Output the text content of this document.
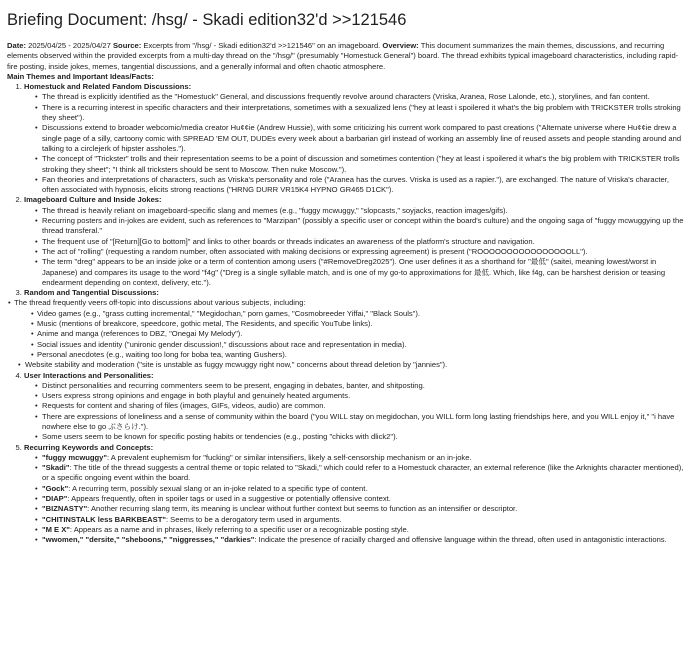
Briefing Document: /hsg/ - Skadi edition32'd >>121546

Date: 2025/04/25 - 2025/04/27 Source: Excerpts from "/hsg/ - Skadi edition32'd >>121546" on an imageboard. Overview: This document summarizes the main themes, discussions, and recurring elements observed within the provided excerpts from a multi-day thread on the "/hsg/" (presumably "Homestuck General") board. The thread exhibits typical imageboard characteristics, including rapid-fire posting, inside jokes, memes, tangential discussions, and a generally informal and often chaotic atmosphere.

Main Themes and Important Ideas/Facts:
1. Homestuck and Related Fandom Discussions:
• The thread is explicitly identified as the "Homestuck" General, and discussions frequently revolve around characters (Vriska, Aranea, Rose Lalonde, etc.), storylines, and fan content.
• There is a recurring interest in specific characters and their interpretations, sometimes with a sexualized lens ("hey at least i spoilered it what's the big problem with TRICKSTER trolls stroking they sheet").
• Discussions extend to broader webcomic/media creator Hu¢¢ie (Andrew Hussie), with some criticizing his current work compared to past creations ("Alternate universe where Hu¢¢ie drew a single page of a silly, cartoony comic with SPREAD 'EM OUT, DUDEs every week about a barbarian girl instead of working an assembly line of reused assets and people standing around and talking to a circlejerk of hipster assholes.").
• The concept of "Trickster" trolls and their representation seems to be a point of discussion and sometimes contention ("hey at least i spoilered it what's the big problem with TRICKSTER trolls stroking they sheet"; "I think all tricksters should be sent to Moscow. Then nuke Moscow.").
• Fan theories and interpretations of characters, such as Vriska's personality and role ("Aranea has the curves. Vriska is used as a rapier."), are exchanged. The nature of Vriska's character, often associated with hypnosis, elicits strong reactions ("HRNG DURR VR15K4 HYPNO GR465 D1CK").
2. Imageboard Culture and Inside Jokes:
• The thread is heavily reliant on imageboard-specific slang and memes (e.g., "fuggy mcwuggy," "slopcasts," soyjacks, reaction images/gifs).
• Recurring posters and in-jokes are evident, such as references to "Marzipan" (possibly a specific user or concept within the board's culture) and the ongoing saga of "fuggy mcwuggying up the thread transferal."
• The frequent use of "[Return][Go to bottom]" and links to other boards or threads indicates an awareness of the platform's structure and navigation.
• The act of "rolling" (requesting a random number, often associated with making decisions or expressing agreement) is present ("ROOOOOOOOOOOOOOOOLL").
• The term "dreg" appears to be an inside joke or a term of contention among users ("#RemoveDreg2025"). One user defines it as a shorthand for "最低" (saitei, meaning lowest/worst in Japanese) and compares its usage to the word "f4g" ("Dreg is a single syllable match, and is one of my go-to approximations for 最低. Which, like f4g, can be harshest derision or teasing endearment depending on context, delivery, etc.").
3. Random and Tangential Discussions:
• The thread frequently veers off-topic into discussions about various subjects, including:
• Video games (e.g., "grass cutting incremental," "Megidochan," porn games, "Cosmobreeder Yiffai," "Black Souls").
• Music (mentions of breakcore, speedcore, gothic metal, The Residents, and specific YouTube links).
• Anime and manga (references to DBZ, "Onegai My Melody").
• Social issues and identity ("unironic gender discussion!," discussions about race and representation in media).
• Personal anecdotes (e.g., waiting too long for boba tea, wanting Gushers).
• Website stability and moderation ("site is unstable as fuggy mcwuggy right now," concerns about thread deletion by "jannies").
4. User Interactions and Personalities:
• Distinct personalities and recurring commenters seem to be present, engaging in debates, banter, and shitposting.
• Users express strong opinions and engage in both playful and genuinely heated arguments.
• Requests for content and sharing of files (images, GIFs, videos, audio) are common.
• There are expressions of loneliness and a sense of community within the board ("you WILL stay on megidochan, you WILL form long lasting friendships here, and you WILL enjoy it," "i have nowhere else to go ぶさらけ.").
• Some users seem to be known for specific posting habits or tendencies (e.g., posting "chicks with dlick2").
5. Recurring Keywords and Concepts:
• "fuggy mcwuggy": A prevalent euphemism for "fucking" or similar intensifiers, likely a self-censorship mechanism or an in-joke.
• "Skadi": The title of the thread suggests a central theme or topic related to "Skadi," which could refer to a Homestuck character, an external reference (like the Arknights character mentioned), or a specific ongoing event within the board.
• "Gock": A recurring term, possibly sexual slang or an in-joke related to a specific type of content.
• "DIAP": Appears frequently, often in spoiler tags or used in a suggestive or potentially offensive context.
• "BIZNASTY": Another recurring slang term, its meaning is unclear without further context but seems to function as an intensifier or descriptor.
• "CHITINSTALK less BARKBEAST": Seems to be a derogatory term used in arguments.
• "M E X": Appears as a name and in phrases, likely referring to a specific user or a recognizable posting style.
• "wwomen," "dersite," "sheboons," "niggresses," "darkies": Indicate the presence of racially charged and offensive language within the thread, often used in antagonistic interactions.
